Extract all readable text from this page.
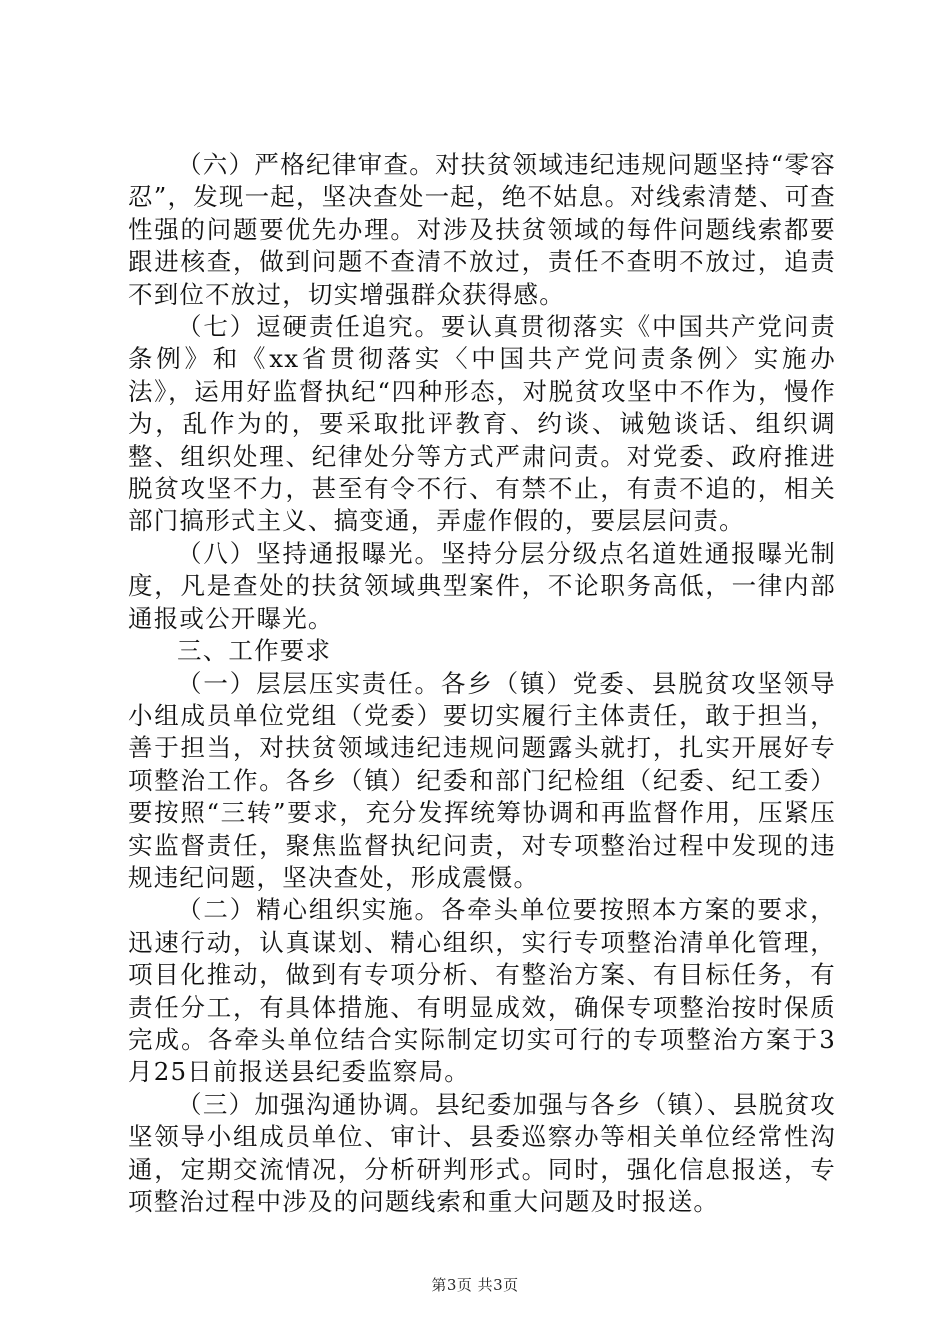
（六）严格纪律审查。对扶贫领域违纪违规问题坚持“零容忍”，发现一起，坚决查处一起，绝不姑息。对线索清楚、可查性强的问题要优先办理。对涉及扶贫领域的每件问题线索都要跟进核查，做到问题不查清不放过，责任不查明不放过，追责不到位不放过，切实增强群众获得感。

（七）逗硬责任追究。要认真贯彻落实《中国共产党问责条例》和《xx省贯彻落实〈中国共产党问责条例〉实施办法》，运用好监督执纪“四种形态，对脱贫攻坚中不作为，慢作为，乱作为的，要采取批评教育、约谈、诫勉谈话、组织调整、组织处理、纪律处分等方式严肃问责。对党委、政府推进脱贫攻坚不力，甚至有令不行、有禁不止，有责不追的，相关部门搞形式主义、搞变通，弄虚作假的，要层层问责。

（八）坚持通报曝光。坚持分层分级点名道姓通报曝光制度，凡是查处的扶贫领域典型案件，不论职务高低，一律内部通报或公开曝光。

三、工作要求

（一）层层压实责任。各乡（镇）党委、县脱贫攻坚领导小组成员单位党组（党委）要切实履行主体责任，敢于担当，善于担当，对扶贫领域违纪违规问题露头就打，扎实开展好专项整治工作。各乡（镇）纪委和部门纪检组（纪委、纪工委）要按照“三转”要求，充分发挥统筹协调和再监督作用，压紧压实监督责任，聚焦监督执纪问责，对专项整治过程中发现的违规违纪问题，坚决查处，形成震慑。

（二）精心组织实施。各牵头单位要按照本方案的要求，迅速行动，认真谋划、精心组织，实行专项整治清单化管理，项目化推动，做到有专项分析、有整治方案、有目标任务，有责任分工，有具体措施、有明显成效，确保专项整治按时保质完成。各牵头单位结合实际制定切实可行的专项整治方案于3月25日前报送县纪委监察局。

（三）加强沟通协调。县纪委加强与各乡（镇）、县脱贫攻坚领导小组成员单位、审计、县委巡察办等相关单位经常性沟通，定期交流情况，分析研判形式。同时，强化信息报送，专项整治过程中涉及的问题线索和重大问题及时报送。

第3页 共3页
